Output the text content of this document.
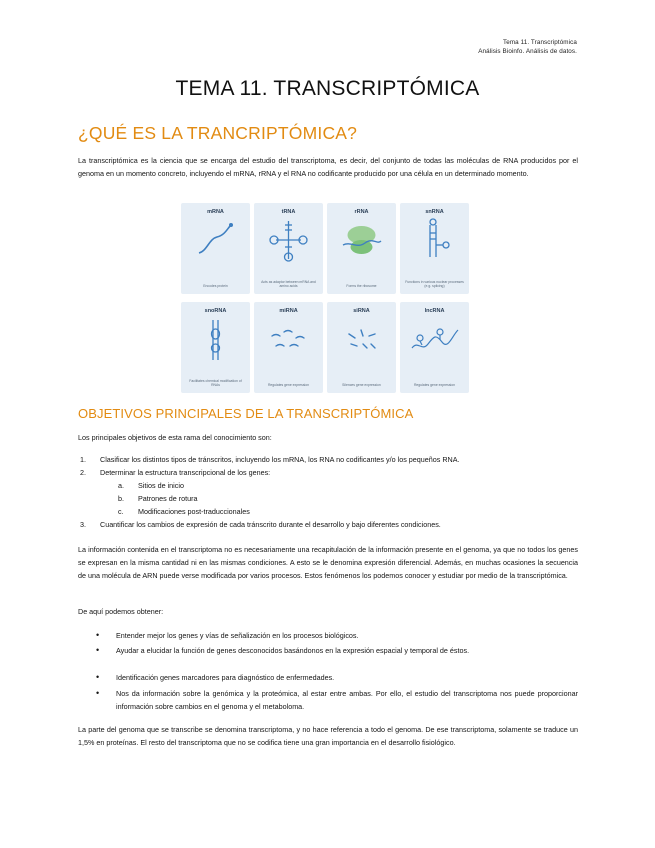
Tema 11. Transcriptómica
Análisis Bioinfo. Análisis de datos.
TEMA 11. TRANSCRIPTÓMICA
¿QUÉ ES LA TRANCRIPTÓMICA?
La transcriptómica es la ciencia que se encarga del estudio del transcriptoma, es decir, del conjunto de todas las moléculas de RNA producidos por el genoma en un momento concreto, incluyendo el mRNA, rRNA y el RNA no codificante producido por una célula en un determinado momento.
mRNA
Encodes protein
tRNA
Acts as adaptor between mRNA and amino acids
rRNA
Forms the ribosome
snRNA
Functions in various nuclear processes (e.g. splicing)
snoRNA
Facilitates chemical modification of RNAs
miRNA
Regulates gene expression
siRNA
Silences gene expression
lncRNA
Regulates gene expression
OBJETIVOS PRINCIPALES DE LA TRANSCRIPTÓMICA
Los principales objetivos de esta rama del conocimiento son:
1. Clasificar los distintos tipos de tránscritos, incluyendo los mRNA, los RNA no codificantes y/o los pequeños RNA.
2. Determinar la estructura transcripcional de los genes:
a. Sitios de inicio
b. Patrones de rotura
c. Modificaciones post-traduccionales
3. Cuantificar los cambios de expresión de cada tránscrito durante el desarrollo y bajo diferentes condiciones.
La información contenida en el transcriptoma no es necesariamente una recapitulación de la información presente en el genoma, ya que no todos los genes se expresan en la misma cantidad ni en las mismas condiciones. A esto se le denomina expresión diferencial. Además, en muchas ocasiones la secuencia de una molécula de ARN puede verse modificada por varios procesos. Estos fenómenos los podemos conocer y estudiar por medio de la transcriptómica.
De aquí podemos obtener:
• Entender mejor los genes y vías de señalización en los procesos biológicos.
• Ayudar a elucidar la función de genes desconocidos basándonos en la expresión espacial y temporal de éstos.
• Identificación genes marcadores para diagnóstico de enfermedades.
• Nos da información sobre la genómica y la proteómica, al estar entre ambas. Por ello, el estudio del transcriptoma nos puede proporcionar información sobre cambios en el genoma y el metaboloma.
La parte del genoma que se transcribe se denomina transcriptoma, y no hace referencia a todo el genoma. De ese transcriptoma, solamente se traduce un 1,5% en proteínas. El resto del transcriptoma que no se codifica tiene una gran importancia en el desarrollo fisiológico.
